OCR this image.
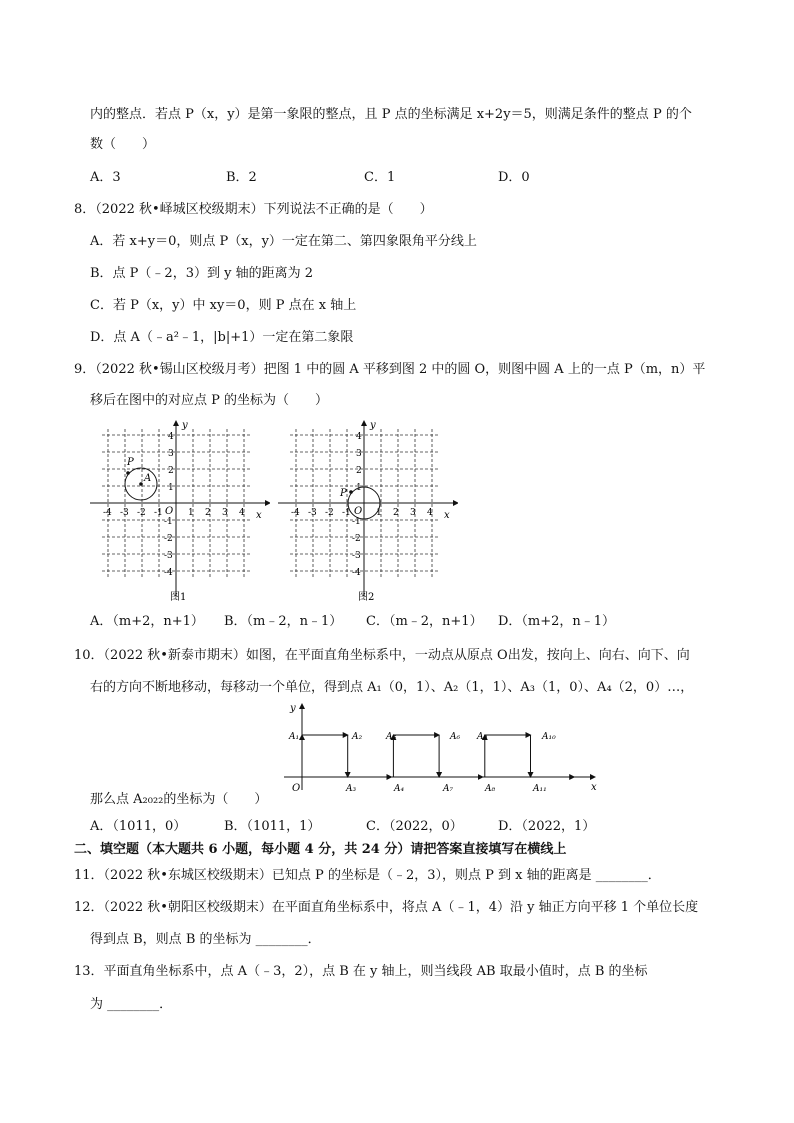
内的整点．若点 P（x，y）是第一象限的整点，且 P 点的坐标满足 x+2y＝5，则满足条件的整点 P 的个
数（　　）
A．3	B．2	C．1	D．0
8．（2022 秋•峄城区校级期末）下列说法不正确的是（　　）
A．若 x+y＝0，则点 P（x，y）一定在第二、第四象限角平分线上
B．点 P（﹣2，3）到 y 轴的距离为 2
C．若 P（x，y）中 xy＝0，则 P 点在 x 轴上
D．点 A（﹣a²﹣1，|b|+1）一定在第二象限
9．（2022 秋•锡山区校级月考）把图 1 中的圆 A 平移到图 2 中的圆 O，则图中圆 A 上的一点 P（m，n）平
移后在图中的对应点 P 的坐标为（　　）
y
x
O
-4 -3 -2 -1	1 2 3 4
4
3
2
1
-1
-2
-3
-4
P
A
图1
y
x
O
-4 -3 -2 -1	1 2 3 4
4
3
2
1
-1
-2
-3
-4
P
图2
A．（m+2，n+1） B．（m﹣2，n﹣1） C．（m﹣2，n+1） D．（m+2，n﹣1）
10．（2022 秋•新泰市期末）如图，在平面直角坐标系中，一动点从原点 O出发，按向上、向右、向下、向
右的方向不断地移动，每移动一个单位，得到点 A₁（0，1）、A₂（1，1）、A₃（1，0）、A₄（2，0）…，
y
x
O
A₁	A₂
A₃	A₄
A₅	A₆
A₇	A₈
A₉	A₁₀
A₁₁
那么点 A₂₀₂₂的坐标为（　　）
A．（1011，0）	B．（1011，1）	C．（2022，0）	D．（2022，1）
二、填空题（本大题共 6 小题，每小题 4 分，共 24 分）请把答案直接填写在横线上
11．（2022 秋•东城区校级期末）已知点 P 的坐标是（﹣2，3），则点 P 到 x 轴的距离是 ________．
12．（2022 秋•朝阳区校级期末）在平面直角坐标系中，将点 A（﹣1，4）沿 y 轴正方向平移 1 个单位长度
得到点 B，则点 B 的坐标为 ________．
13．平面直角坐标系中，点 A（﹣3，2），点 B 在 y 轴上，则当线段 AB 取最小值时，点 B 的坐标
为 ________．
